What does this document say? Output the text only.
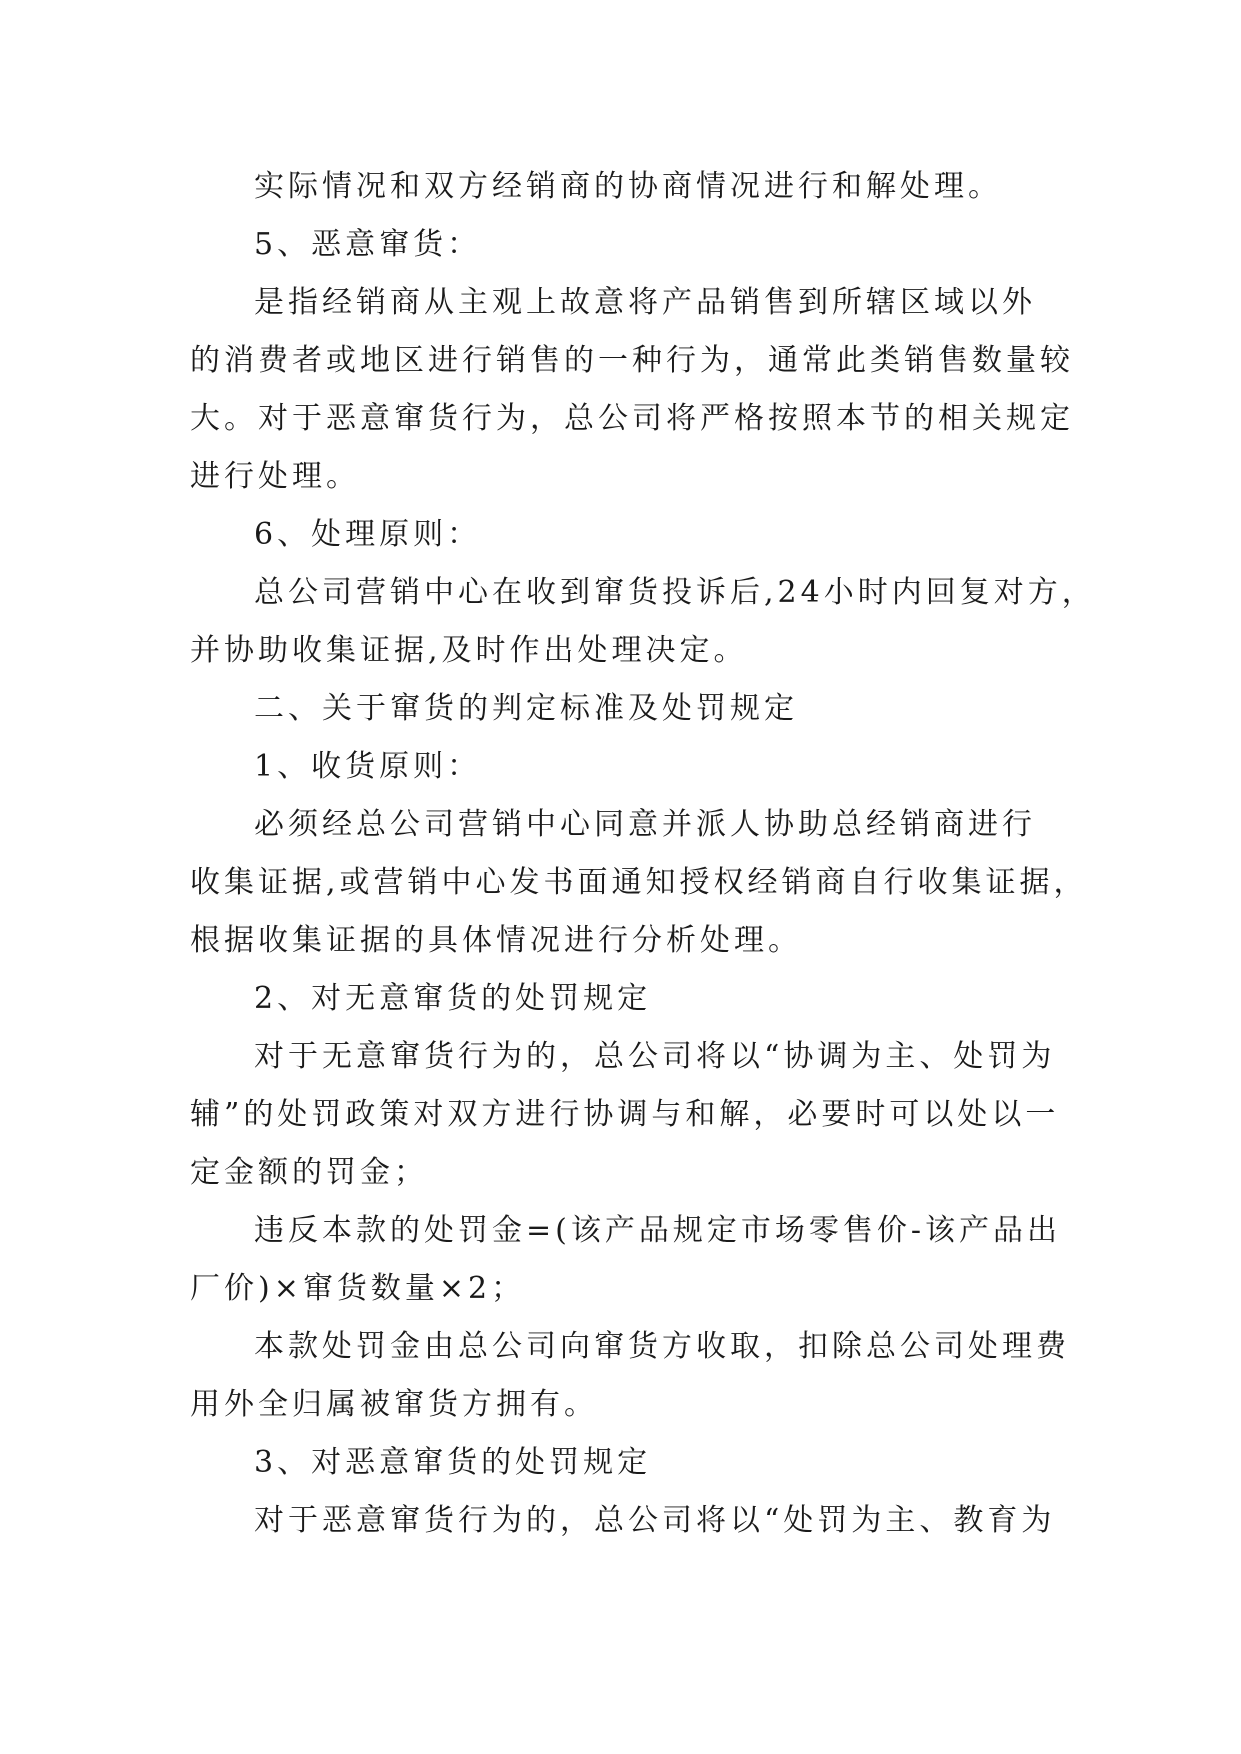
实际情况和双方经销商的协商情况进行和解处理。
5、恶意窜货：
是指经销商从主观上故意将产品销售到所辖区域以外
的消费者或地区进行销售的一种行为，通常此类销售数量较
大。对于恶意窜货行为，总公司将严格按照本节的相关规定
进行处理。
6、处理原则：
总公司营销中心在收到窜货投诉后,24小时内回复对方，
并协助收集证据,及时作出处理决定。
二、关于窜货的判定标准及处罚规定
1、收货原则：
必须经总公司营销中心同意并派人协助总经销商进行
收集证据,或营销中心发书面通知授权经销商自行收集证据，
根据收集证据的具体情况进行分析处理。
2、对无意窜货的处罚规定
对于无意窜货行为的，总公司将以“协调为主、处罚为
辅”的处罚政策对双方进行协调与和解，必要时可以处以一
定金额的罚金；
违反本款的处罚金=(该产品规定市场零售价-该产品出
厂价)×窜货数量×2；
本款处罚金由总公司向窜货方收取，扣除总公司处理费
用外全归属被窜货方拥有。
3、对恶意窜货的处罚规定
对于恶意窜货行为的，总公司将以“处罚为主、教育为
